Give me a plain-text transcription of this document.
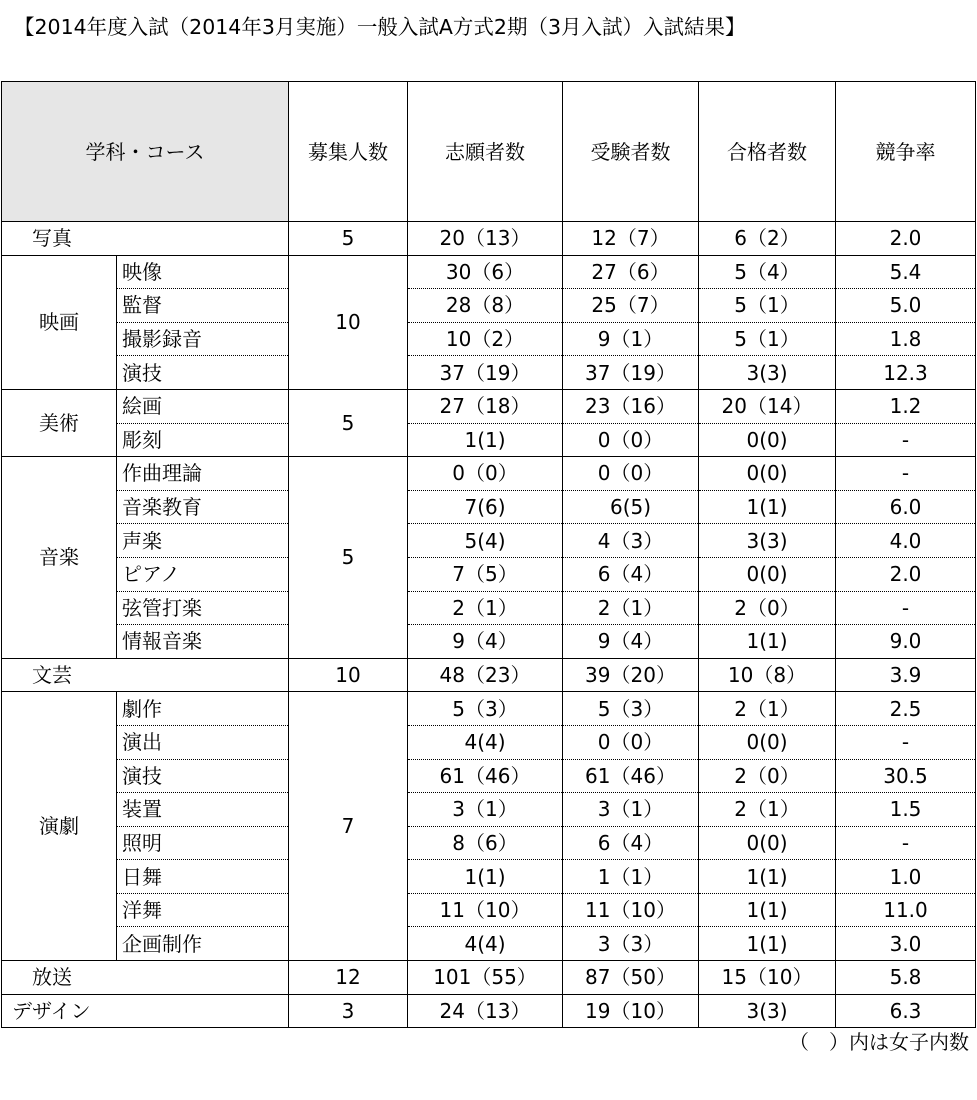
【2014年度入試（2014年3月実施）一般入試A方式2期（3月入試）入試結果】
学科・コース		募集人数	志願者数	受験者数	合格者数	競争率
写真		5	20（13）	12（7）	6（2）	2.0
映画	映像	10	30（6）	27（6）	5（4）	5.4
	監督		28（8）	25（7）	5（1）	5.0
	撮影録音		10（2）	9（1）	5（1）	1.8
	演技		37（19）	37（19）	3(3)	12.3
美術	絵画	5	27（18）	23（16）	20（14）	1.2
	彫刻		1(1)	0（0）	0(0)	-
音楽	作曲理論	5	0（0）	0（0）	0(0)	-
	音楽教育		7(6)	6(5)	1(1)	6.0
	声楽		5(4)	4（3）	3(3)	4.0
	ピアノ		7（5）	6（4）	0(0)	2.0
	弦管打楽		2（1）	2（1）	2（0）	-
	情報音楽		9（4）	9（4）	1(1)	9.0
文芸		10	48（23）	39（20）	10（8）	3.9
演劇	劇作	7	5（3）	5（3）	2（1）	2.5
	演出		4(4)	0（0）	0(0)	-
	演技		61（46）	61（46）	2（0）	30.5
	装置		3（1）	3（1）	2（1）	1.5
	照明		8（6）	6（4）	0(0)	-
	日舞		1(1)	1（1）	1(1)	1.0
	洋舞		11（10）	11（10）	1(1)	11.0
	企画制作		4(4)	3（3）	1(1)	3.0
放送		12	101（55）	87（50）	15（10）	5.8
デザイン		3	24（13）	19（10）	3(3)	6.3
（　）内は女子内数
